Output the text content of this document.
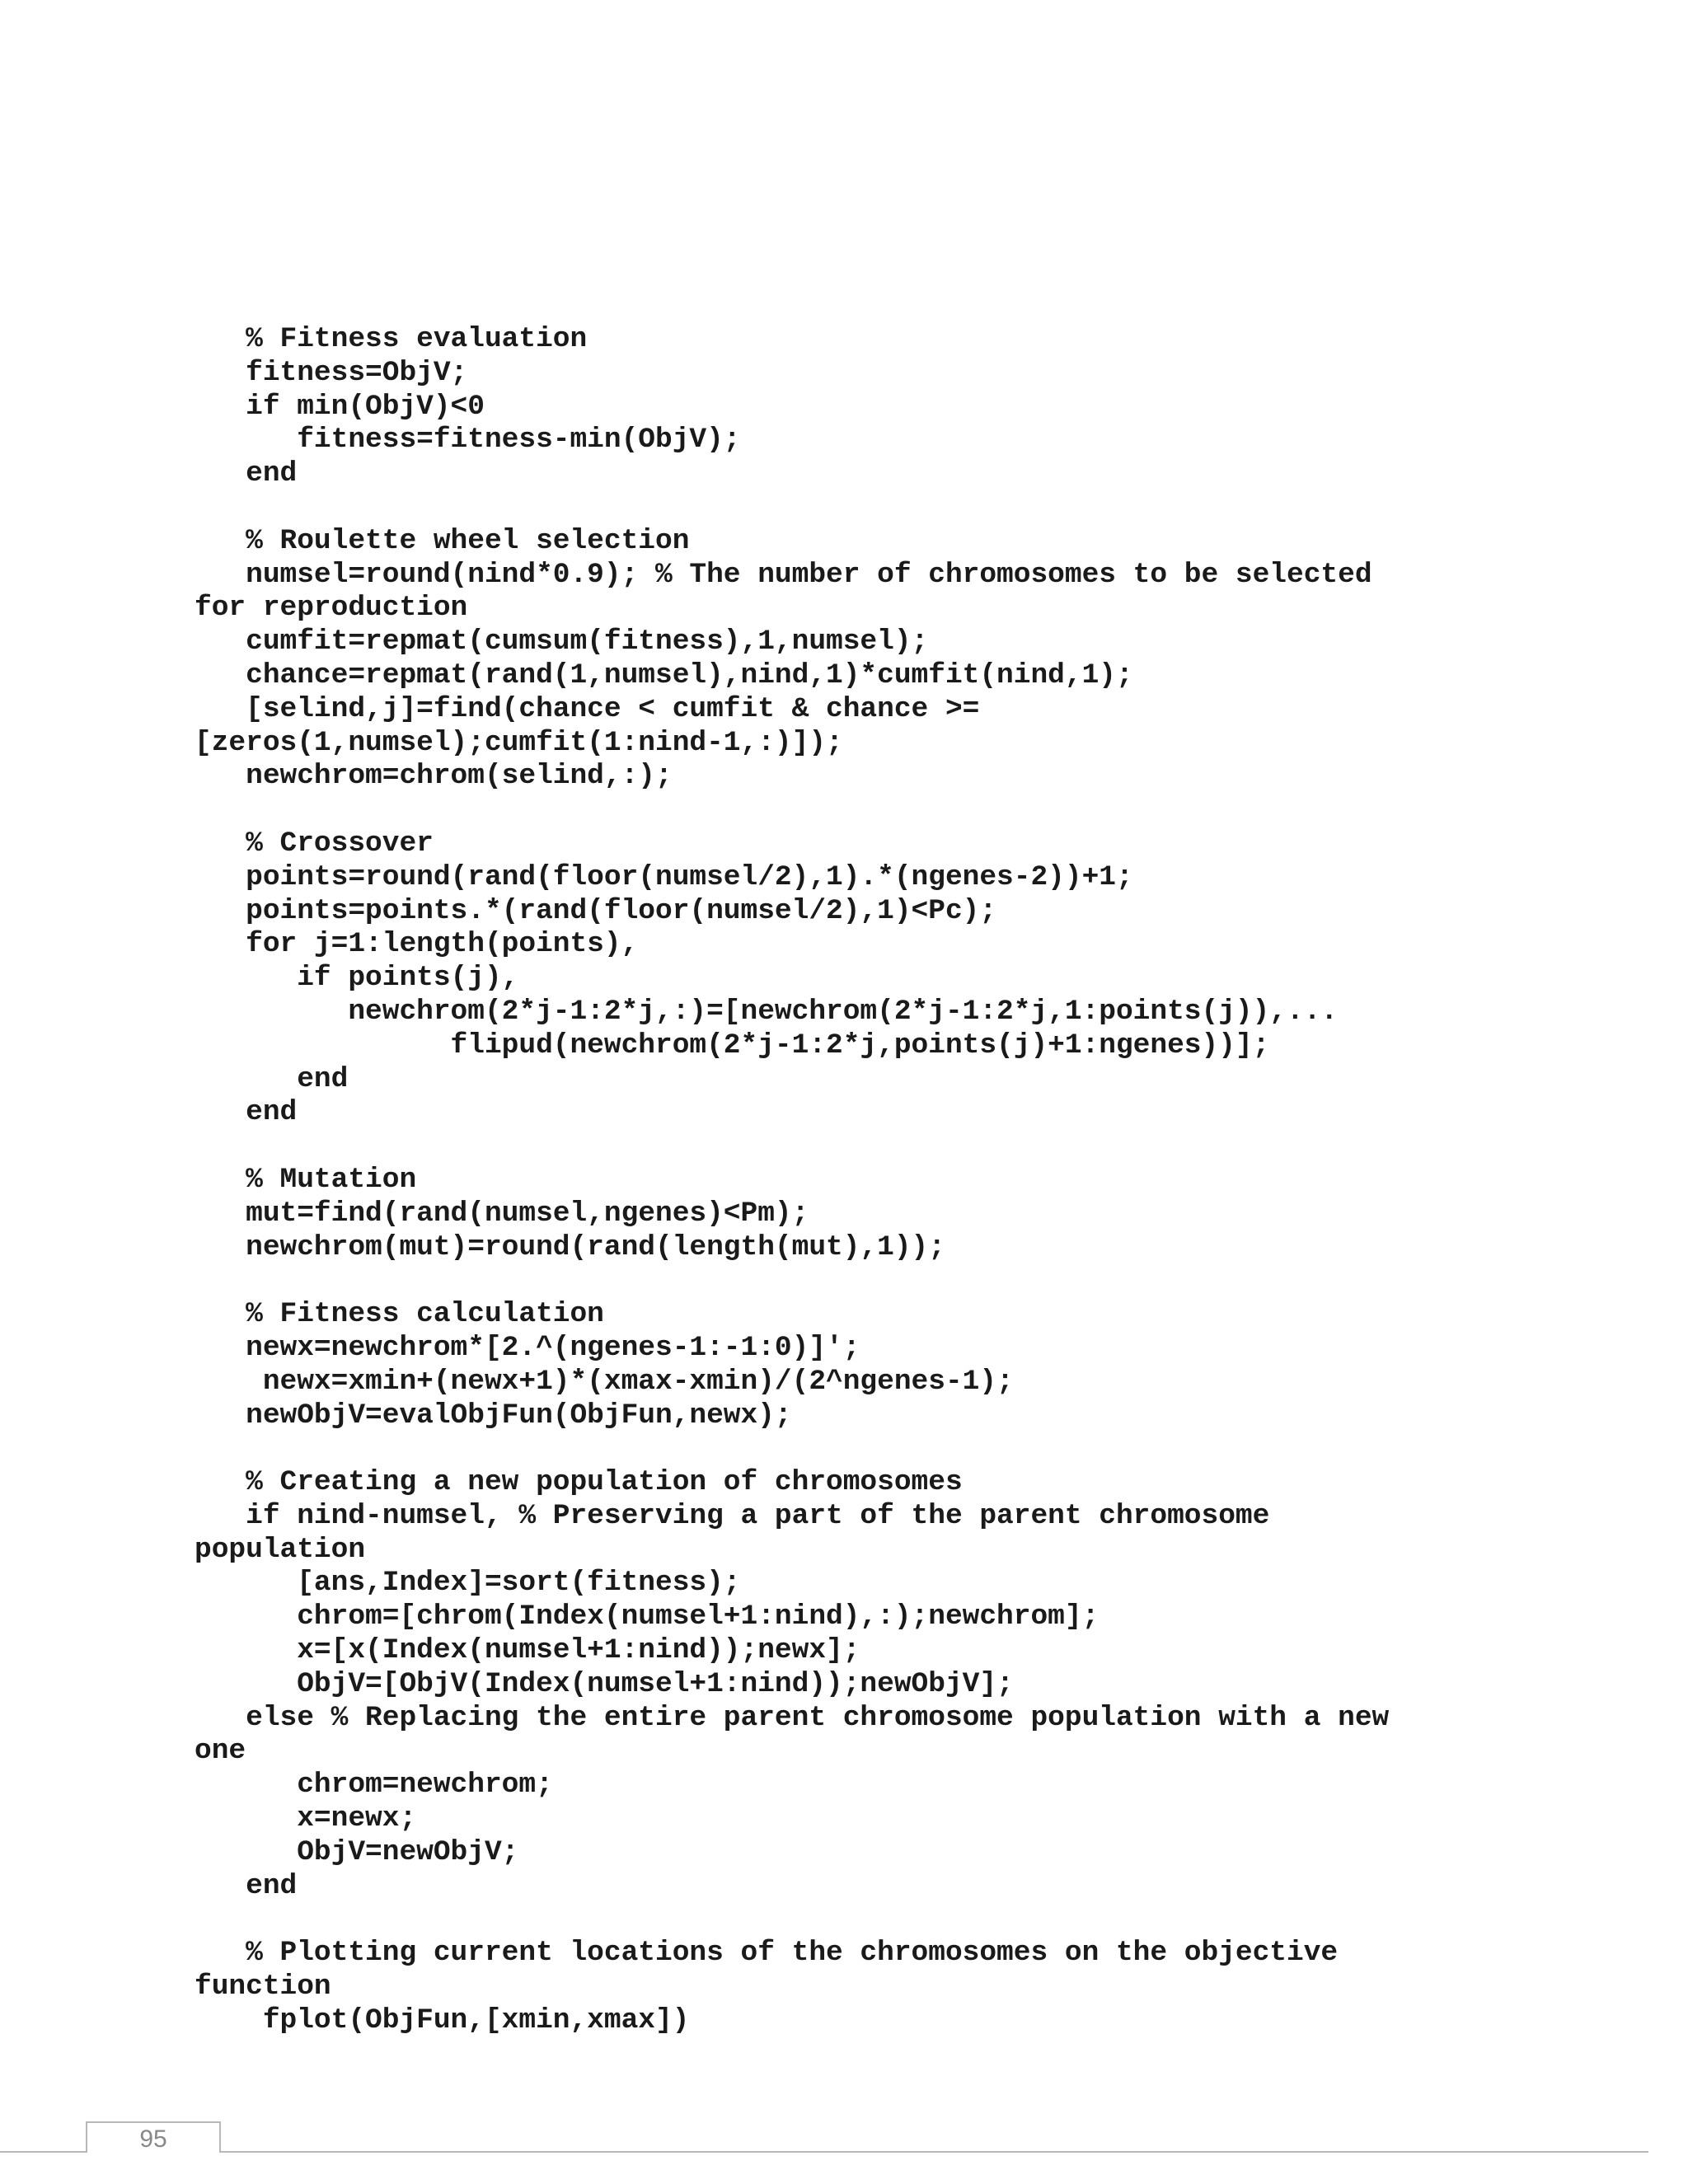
% Fitness evaluation
fitness=ObjV;
if min(ObjV)<0
fitness=fitness-min(ObjV);
end
% Roulette wheel selection
numsel=round(nind*0.9); % The number of chromosomes to be selected
for reproduction
cumfit=repmat(cumsum(fitness),1,numsel);
chance=repmat(rand(1,numsel),nind,1)*cumfit(nind,1);
[selind,j]=find(chance < cumfit & chance >=
[zeros(1,numsel);cumfit(1:nind-1,:)]);
newchrom=chrom(selind,:);
% Crossover
points=round(rand(floor(numsel/2),1).*(ngenes-2))+1;
points=points.*(rand(floor(numsel/2),1)<Pc);
for j=1:length(points),
if points(j),
newchrom(2*j-1:2*j,:)=[newchrom(2*j-1:2*j,1:points(j)),...
flipud(newchrom(2*j-1:2*j,points(j)+1:ngenes))];
end
end
% Mutation
mut=find(rand(numsel,ngenes)<Pm);
newchrom(mut)=round(rand(length(mut),1));
% Fitness calculation
newx=newchrom*[2.^(ngenes-1:-1:0)]';
newx=xmin+(newx+1)*(xmax-xmin)/(2^ngenes-1);
newObjV=evalObjFun(ObjFun,newx);
% Creating a new population of chromosomes
if nind-numsel, % Preserving a part of the parent chromosome
population
[ans,Index]=sort(fitness);
chrom=[chrom(Index(numsel+1:nind),:);newchrom];
x=[x(Index(numsel+1:nind));newx];
ObjV=[ObjV(Index(numsel+1:nind));newObjV];
else % Replacing the entire parent chromosome population with a new
one
chrom=newchrom;
x=newx;
ObjV=newObjV;
end
% Plotting current locations of the chromosomes on the objective
function
fplot(ObjFun,[xmin,xmax])
95
